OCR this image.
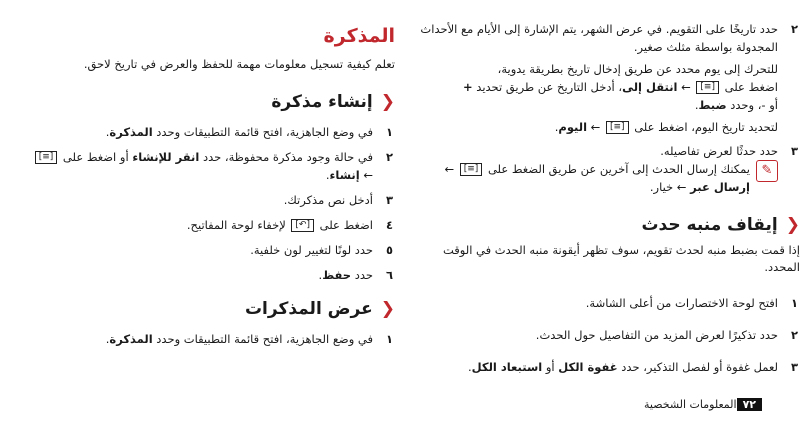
٢
حدد تاريخًا على التقويم. في عرض الشهر، يتم الإشارة إلى الأيام مع الأحداث المجدولة بواسطة مثلث صغير.
للتحرك إلى يوم محدد عن طريق إدخال تاريخ بطريقة يدوية،
اضغط على [≡] ← انتقل إلى، أدخل التاريخ عن طريق تحديد +
أو -، وحدد ضبط.
لتحديد تاريخ اليوم، اضغط على [≡] ← اليوم.
٣
حدد حدثًا لعرض تفاصيله.
✎
يمكنك إرسال الحدث إلى آخرين عن طريق الضغط على [≡] ← إرسال عبر ← خيار.
❮
إيقاف منبه حدث
إذا قمت بضبط منبه لحدث تقويم، سوف تظهر أيقونة منبه الحدث في الوقت المحدد.
١
افتح لوحة الاختصارات من أعلى الشاشة.
٢
حدد تذكيرًا لعرض المزيد من التفاصيل حول الحدث.
٣
لعمل غفوة أو لفصل التذكير، حدد غفوة الكل أو استبعاد الكل.
المذكرة
تعلم كيفية تسجيل معلومات مهمة للحفظ والعرض في تاريخ لاحق.
❮
إنشاء مذكرة
١
في وضع الجاهزية، افتح قائمة التطبيقات وحدد المذكرة.
٢
في حالة وجود مذكرة محفوظة، حدد انقر للإنشاء أو اضغط على [≡] ← إنشاء.
٣
أدخل نص مذكرتك.
٤
اضغط على [↶] لإخفاء لوحة المفاتيح.
٥
حدد لونًا لتغيير لون خلفية.
٦
حدد حفظ.
❮
عرض المذكرات
١
في وضع الجاهزية، افتح قائمة التطبيقات وحدد المذكرة.
٧٢
المعلومات الشخصية
